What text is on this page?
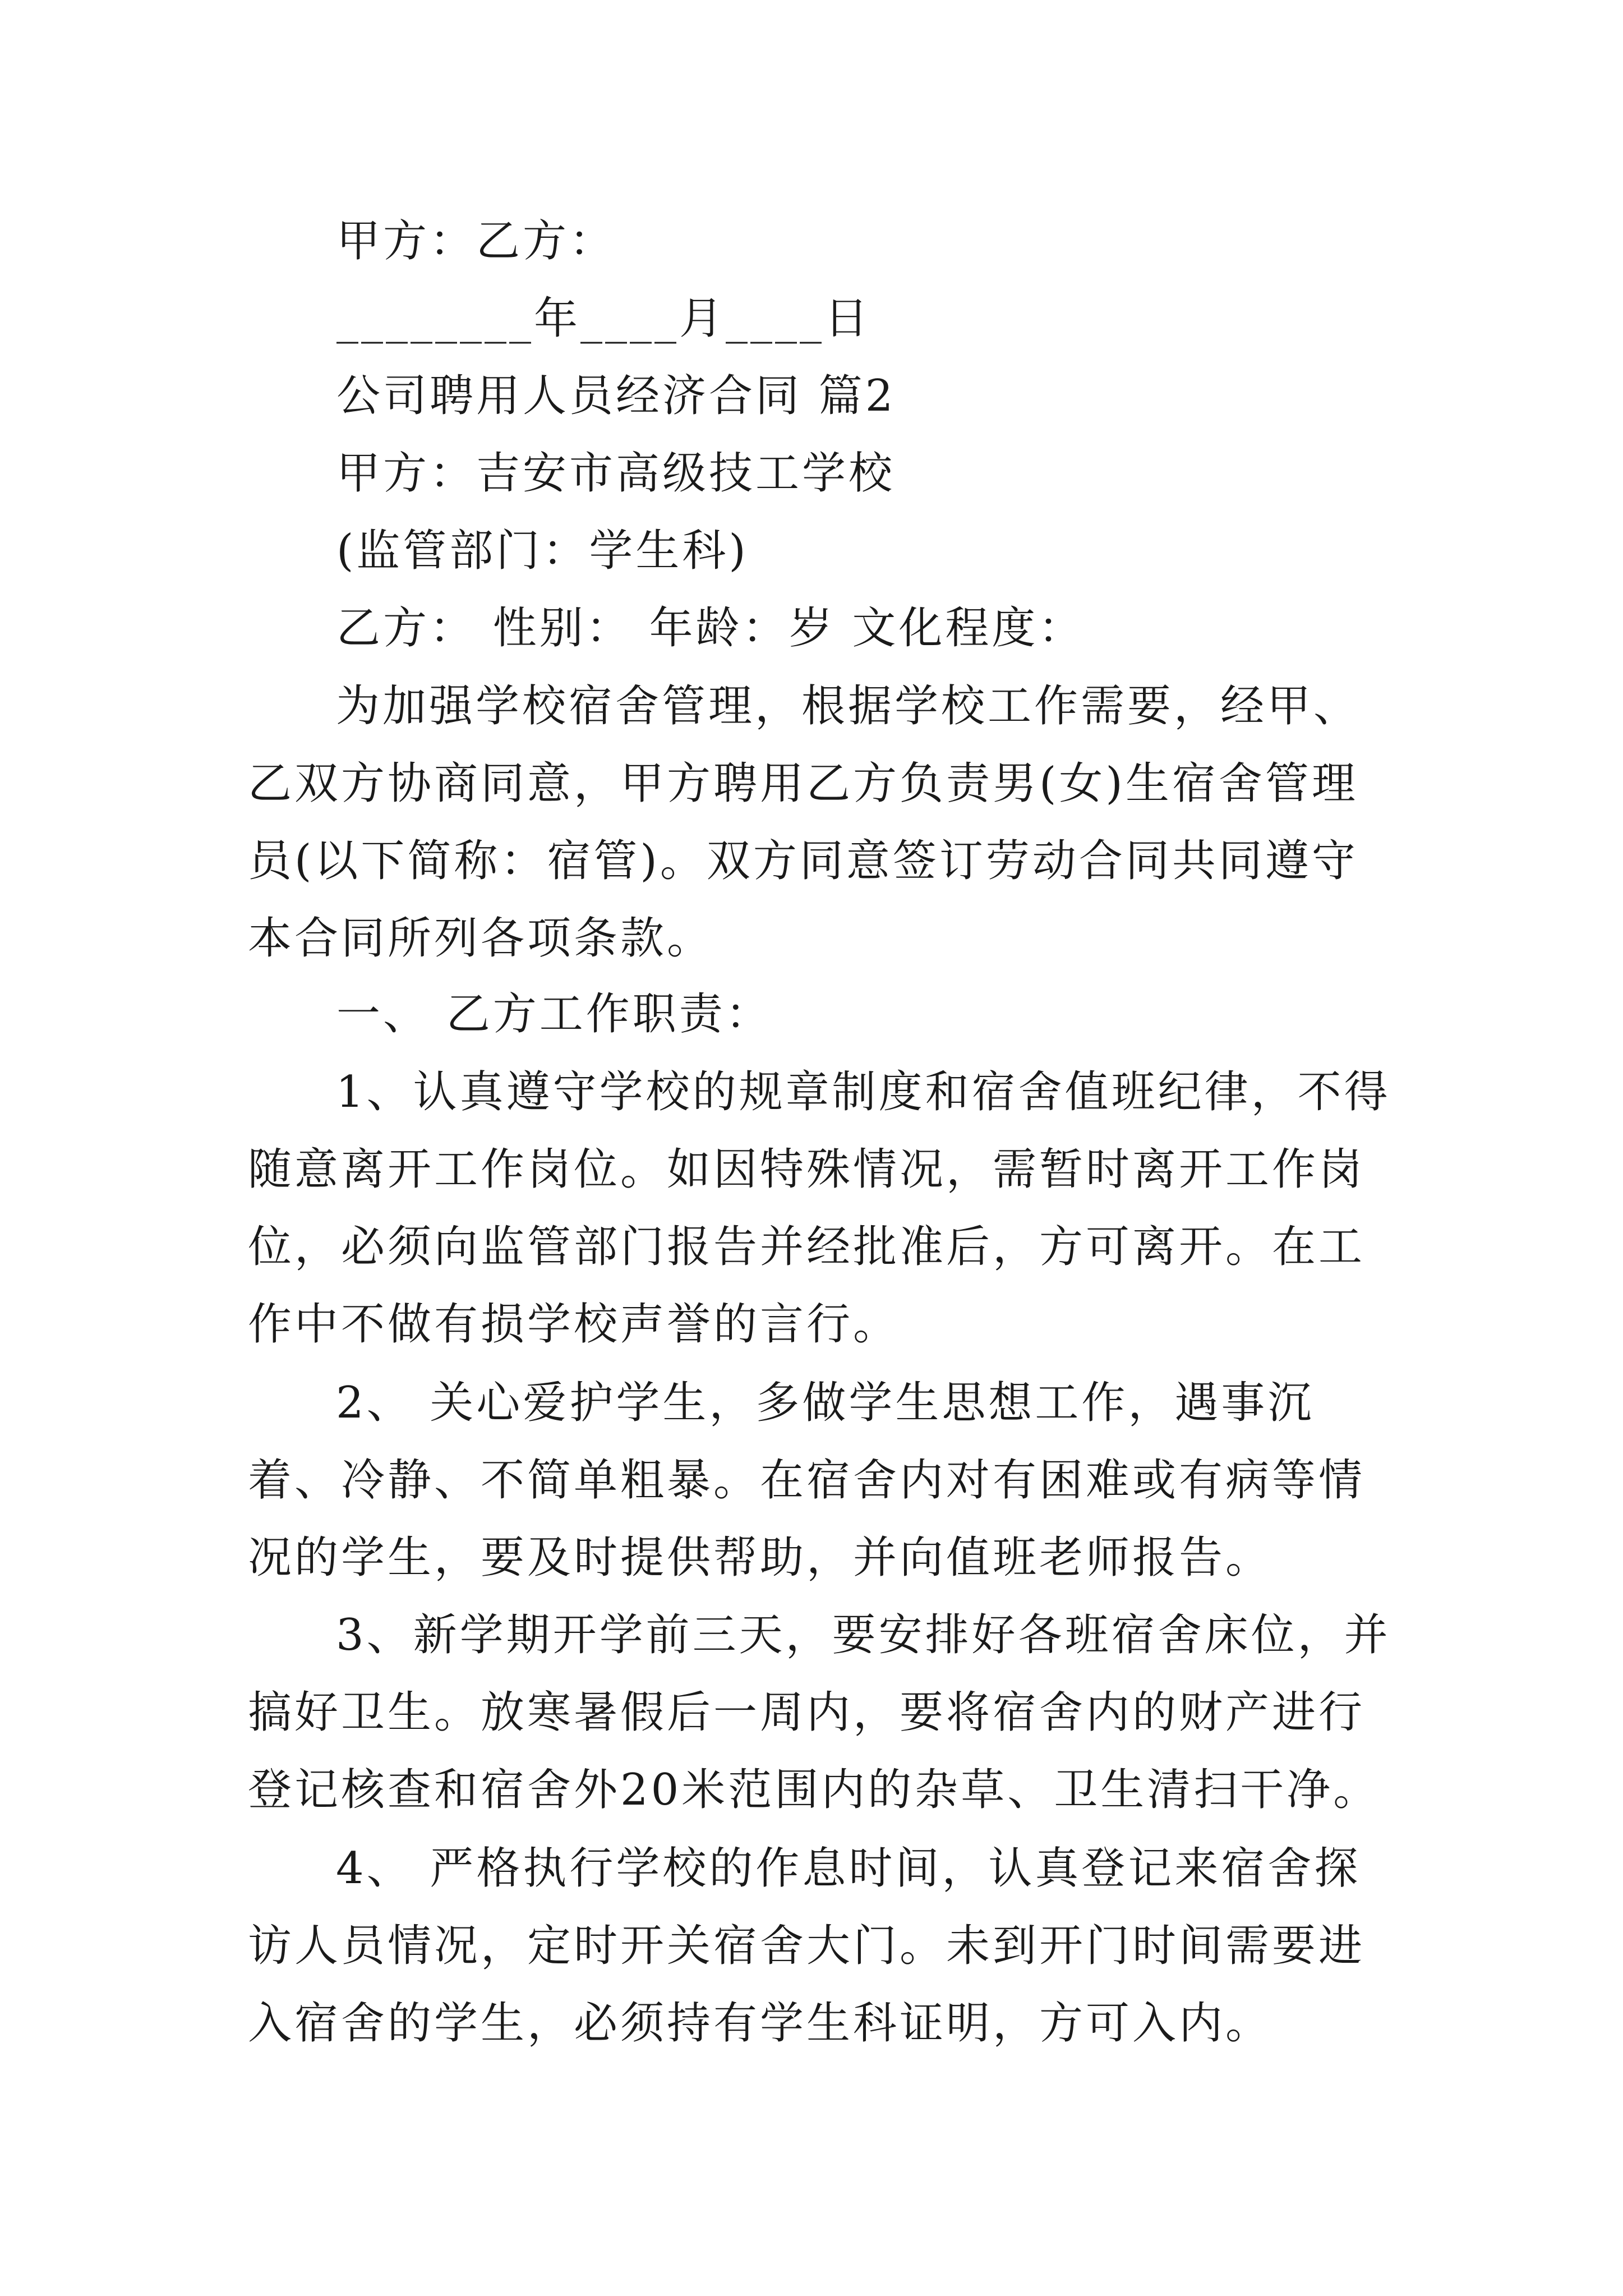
甲方：乙方：
________年____月____日
公司聘用人员经济合同 篇2
甲方：吉安市高级技工学校
(监管部门：学生科)
乙方： 性别： 年龄：岁 文化程度：
为加强学校宿舍管理，根据学校工作需要，经甲、乙双方协商同意，甲方聘用乙方负责男(女)生宿舍管理员(以下简称：宿管)。双方同意签订劳动合同共同遵守本合同所列各项条款。
一、 乙方工作职责：
1、认真遵守学校的规章制度和宿舍值班纪律，不得随意离开工作岗位。如因特殊情况，需暂时离开工作岗位，必须向监管部门报告并经批准后，方可离开。在工作中不做有损学校声誉的言行。
2、 关心爱护学生，多做学生思想工作，遇事沉着、冷静、不简单粗暴。在宿舍内对有困难或有病等情况的学生，要及时提供帮助，并向值班老师报告。
3、新学期开学前三天，要安排好各班宿舍床位，并搞好卫生。放寒暑假后一周内，要将宿舍内的财产进行登记核查和宿舍外20米范围内的杂草、卫生清扫干净。
4、 严格执行学校的作息时间，认真登记来宿舍探访人员情况，定时开关宿舍大门。未到开门时间需要进入宿舍的学生，必须持有学生科证明，方可入内。
